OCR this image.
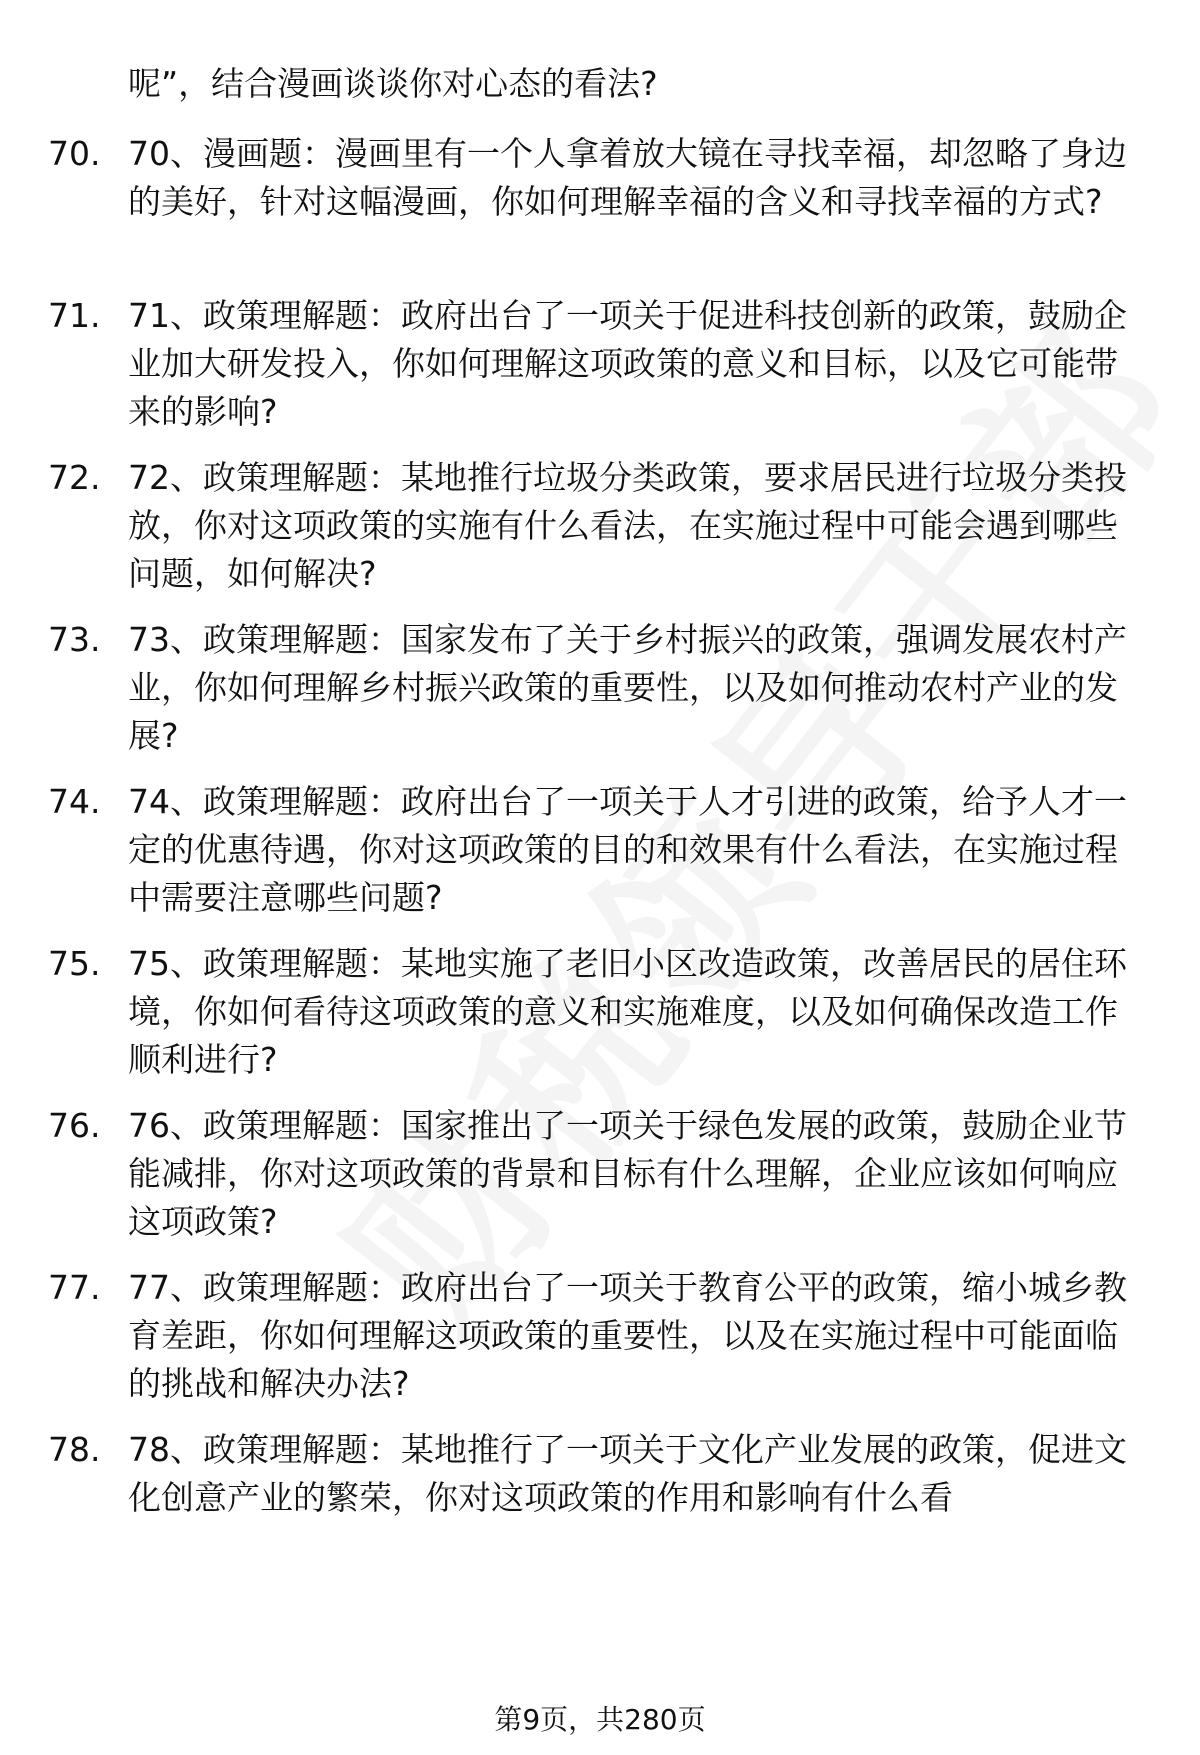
呢”，结合漫画谈谈你对心态的看法?
70. 70、漫画题：漫画里有一个人拿着放大镜在寻找幸福，却忽略了身边的美好，针对这幅漫画，你如何理解幸福的含义和寻找幸福的方式?
71. 71、政策理解题：政府出台了一项关于促进科技创新的政策，鼓励企业加大研发投入，你如何理解这项政策的意义和目标，以及它可能带来的影响?
72. 72、政策理解题：某地推行垃圾分类政策，要求居民进行垃圾分类投放，你对这项政策的实施有什么看法，在实施过程中可能会遇到哪些问题，如何解决?
73. 73、政策理解题：国家发布了关于乡村振兴的政策，强调发展农村产业，你如何理解乡村振兴政策的重要性，以及如何推动农村产业的发展?
74. 74、政策理解题：政府出台了一项关于人才引进的政策，给予人才一定的优惠待遇，你对这项政策的目的和效果有什么看法，在实施过程中需要注意哪些问题?
75. 75、政策理解题：某地实施了老旧小区改造政策，改善居民的居住环境，你如何看待这项政策的意义和实施难度，以及如何确保改造工作顺利进行?
76. 76、政策理解题：国家推出了一项关于绿色发展的政策，鼓励企业节能减排，你对这项政策的背景和目标有什么理解，企业应该如何响应这项政策?
77. 77、政策理解题：政府出台了一项关于教育公平的政策，缩小城乡教育差距，你如何理解这项政策的重要性，以及在实施过程中可能面临的挑战和解决办法?
78. 78、政策理解题：某地推行了一项关于文化产业发展的政策，促进文化创意产业的繁荣，你对这项政策的作用和影响有什么看
第9页，共280页
